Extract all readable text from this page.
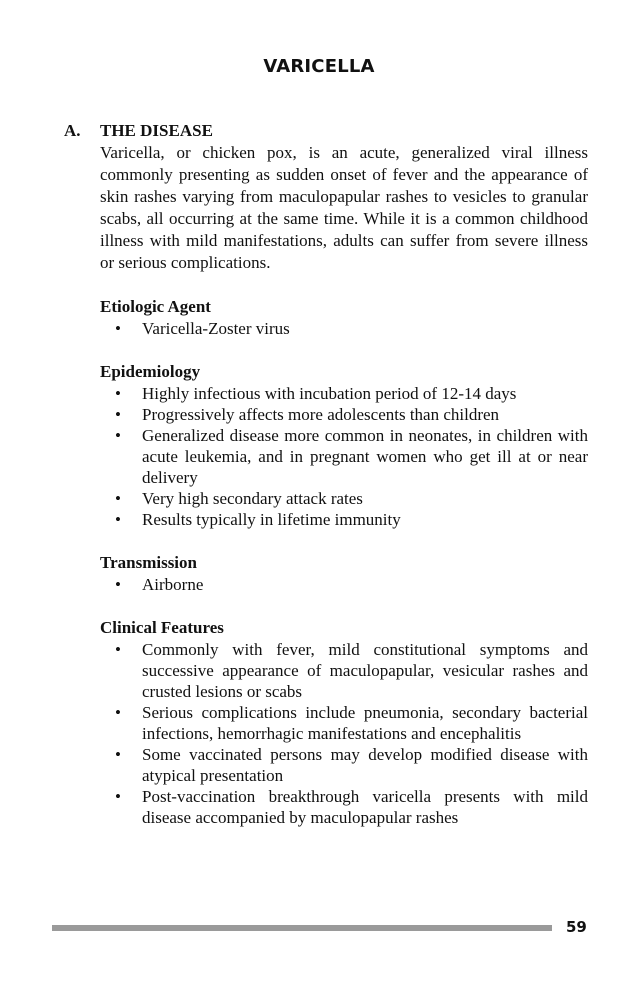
VARICELLA
A.	THE DISEASE
Varicella, or chicken pox, is an acute, generalized viral illness commonly presenting as sudden onset of fever and the appearance of skin rashes varying from maculopapular rashes to vesicles to granular scabs, all occurring at the same time. While it is a common childhood illness with mild manifestations, adults can suffer from severe illness or serious complications.
Etiologic Agent
• Varicella-Zoster virus
Epidemiology
• Highly infectious with incubation period of 12-14 days
• Progressively affects more adolescents than children
• Generalized disease more common in neonates, in children with acute leukemia, and in pregnant women who get ill at or near delivery
• Very high secondary attack rates
• Results typically in lifetime immunity
Transmission
• Airborne
Clinical Features
• Commonly with fever, mild constitutional symptoms and successive appearance of maculopapular, vesicular rashes and crusted lesions or scabs
• Serious complications include pneumonia, secondary bacterial infections, hemorrhagic manifestations and encephalitis
• Some vaccinated persons may develop modified disease with atypical presentation
• Post-vaccination breakthrough varicella presents with mild disease accompanied by maculopapular rashes
59
